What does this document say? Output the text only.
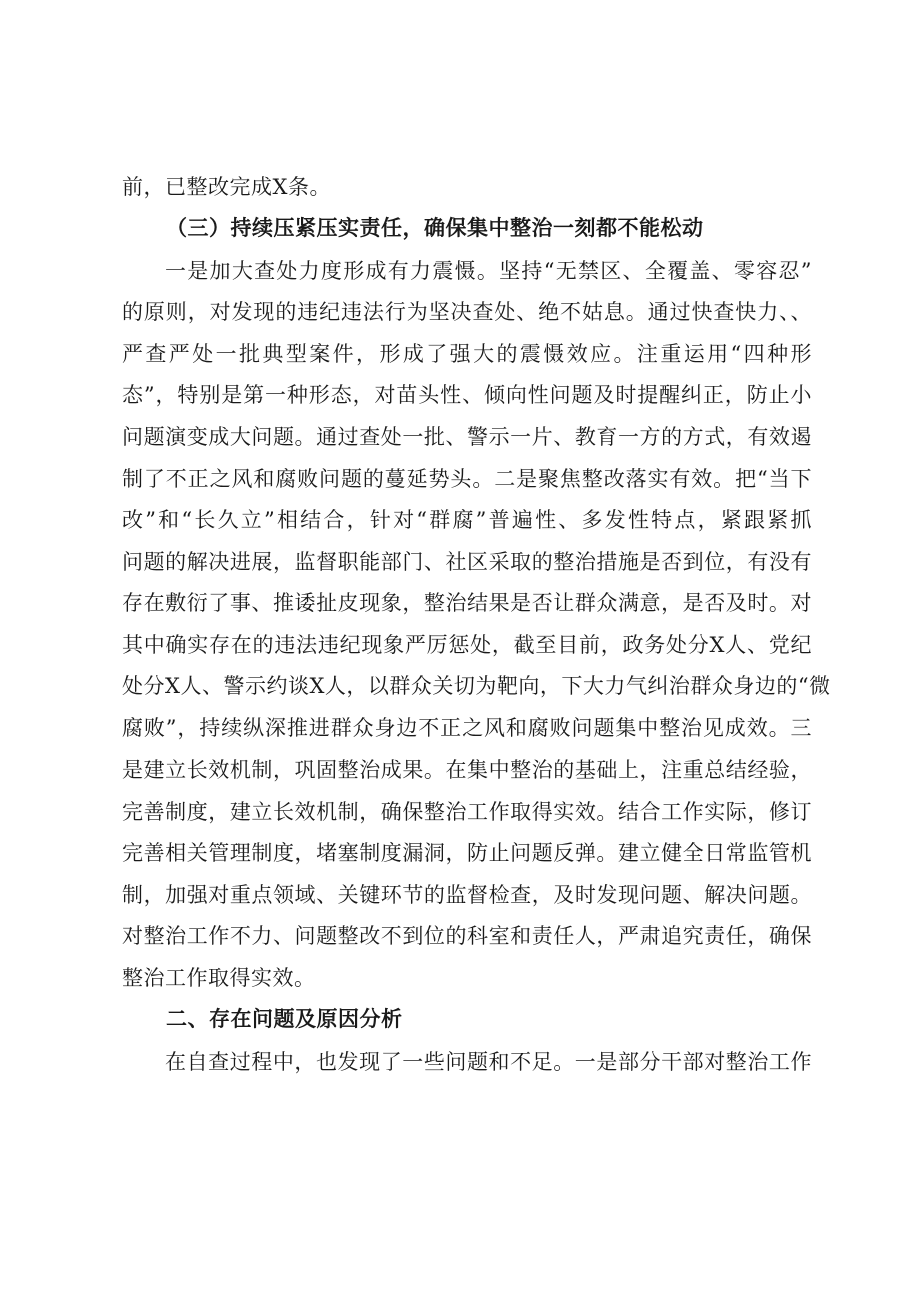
前，已整改完成X条。
（三）持续压紧压实责任，确保集中整治一刻都不能松动
一是加大查处力度形成有力震慑。坚持“无禁区、全覆盖、零容忍”
的原则，对发现的违纪违法行为坚决查处、绝不姑息。通过快查快力、、
严查严处一批典型案件，形成了强大的震慑效应。注重运用“四种形
态”，特别是第一种形态，对苗头性、倾向性问题及时提醒纠正，防止小
问题演变成大问题。通过查处一批、警示一片、教育一方的方式，有效遏
制了不正之风和腐败问题的蔓延势头。二是聚焦整改落实有效。把“当下
改”和“长久立”相结合，针对“群腐”普遍性、多发性特点，紧跟紧抓
问题的解决进展，监督职能部门、社区采取的整治措施是否到位，有没有
存在敷衍了事、推诿扯皮现象，整治结果是否让群众满意，是否及时。对
其中确实存在的违法违纪现象严厉惩处，截至目前，政务处分X人、党纪
处分X人、警示约谈X人，以群众关切为靶向，下大力气纠治群众身边的“微
腐败”，持续纵深推进群众身边不正之风和腐败问题集中整治见成效。三
是建立长效机制，巩固整治成果。在集中整治的基础上，注重总结经验，
完善制度，建立长效机制，确保整治工作取得实效。结合工作实际，修订
完善相关管理制度，堵塞制度漏洞，防止问题反弹。建立健全日常监管机
制，加强对重点领域、关键环节的监督检查，及时发现问题、解决问题。
对整治工作不力、问题整改不到位的科室和责任人，严肃追究责任，确保
整治工作取得实效。
二、存在问题及原因分析
在自查过程中，也发现了一些问题和不足。一是部分干部对整治工作
